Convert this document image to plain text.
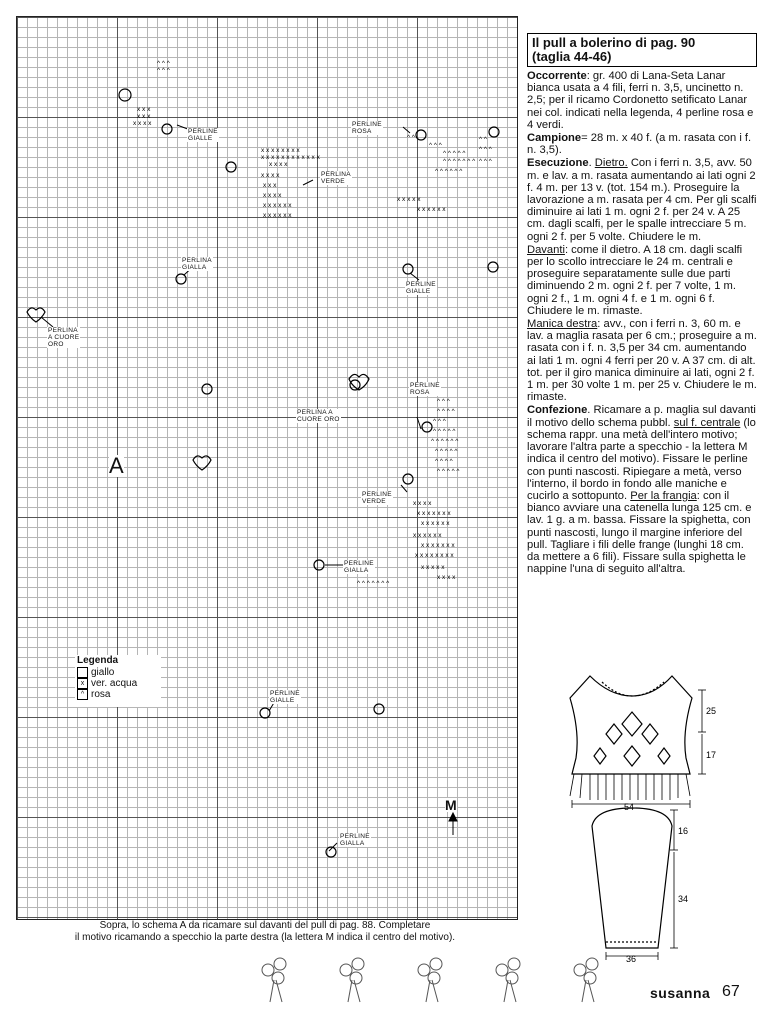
^ ^ ^
^ ^ ^
x x x
x x x
x x x x
x x x x x x x x
x x x x x x x x x x x x
x x x x
x x x x
x x x
x x x x
x x x x x x
x x x x x x
x x x x x
x x x x x x
^ ^
^ ^ ^
^ ^ ^ ^ ^
^ ^ ^ ^ ^ ^ ^
^ ^ ^ ^ ^ ^
^ ^
^ ^ ^
^ ^ ^
^ ^ ^
^ ^ ^ ^
^ ^ ^
^ ^ ^ ^ ^
^ ^ ^ ^ ^ ^
^ ^ ^ ^ ^
^ ^ ^ ^
^ ^ ^ ^ ^
x x x x
x x x x x x x
x x x x x x
x x x x x x
x x x x x x x
x x x x x x x x
x x x x x
x x x x
^ ^ ^ ^ ^ ^ ^
PERLINE
GIALLE
PERLINE
ROSA
PERLINA
VERDE
PERLINA
GIALLA
PERLINE
GIALLE
PERLINA
A CUORE
ORO
PERLINA A
CUORE ORO
PERLINE
ROSA
PERLINE
VERDE
PERLINE
GIALLA
PERLINE
GIALLE
PERLINE
GIALLA
A
M
Legenda
giallo
x ver. acqua
^ rosa
Sopra, lo schema A da ricamare sul davanti del pull di pag. 88. Completare
il motivo ricamando a specchio la parte destra (la lettera M indica il centro del motivo).
Il pull a bolerino di pag. 90
(taglia 44-46)

Occorrente: gr. 400 di Lana-Seta Lanar bianca usata a 4 fili, ferri n. 3,5, uncinetto n. 2,5; per il ricamo Cordonetto setificato Lanar nei col. indicati nella legenda, 4 perline rosa e 4 verdi.

Campione= 28 m. x 40 f. (a m. rasata con i f. n. 3,5).

Esecuzione. Dietro. Con i ferri n. 3,5, avv. 50 m. e lav. a m. rasata aumentando ai lati ogni 2 f. 4 m. per 13 v. (tot. 154 m.). Proseguire la lavorazione a m. rasata per 4 cm. Per gli scalfi diminuire ai lati 1 m. ogni 2 f. per 24 v. A 25 cm. dagli scalfi, per le spalle intrecciare 5 m. ogni 2 f. per 5 volte. Chiudere le m.

Davanti: come il dietro. A 18 cm. dagli scalfi per lo scollo intrecciare le 24 m. centrali e proseguire separatamente sulle due parti diminuendo 2 m. ogni 2 f. per 7 volte, 1 m. ogni 2 f., 1 m. ogni 4 f. e 1 m. ogni 6 f. Chiudere le m. rimaste.

Manica destra: avv., con i ferri n. 3, 60 m. e lav. a maglia rasata per 6 cm.; proseguire a m. rasata con i f. n. 3,5 per 34 cm. aumentando ai lati 1 m. ogni 4 ferri per 20 v. A 37 cm. di alt. tot. per il giro manica diminuire ai lati, ogni 2 f. 1 m. per 30 volte 1 m. per 25 v. Chiudere le m. rimaste.

Confezione. Ricamare a p. maglia sul davanti il motivo dello schema pubbl. sul f. centrale (lo schema rappr. una metà dell'intero motivo; lavorare l'altra parte a specchio - la lettera M indica il centro del motivo). Fissare le perline con punti nascosti. Ripiegare a metà, verso l'interno, il bordo in fondo alle maniche e cucirlo a sottopunto. Per la frangia: con il bianco avviare una catenella lunga 125 cm. e lav. 1 g. a m. bassa. Fissare la spighetta, con punti nascosti, lungo il margine inferiore del pull. Tagliare i fili delle frange (lunghi 18 cm. da mettere a 6 fili). Fissare sulla spighetta le nappine l'una di seguito all'altra.

25
17
54
16
34
36
susanna 67
